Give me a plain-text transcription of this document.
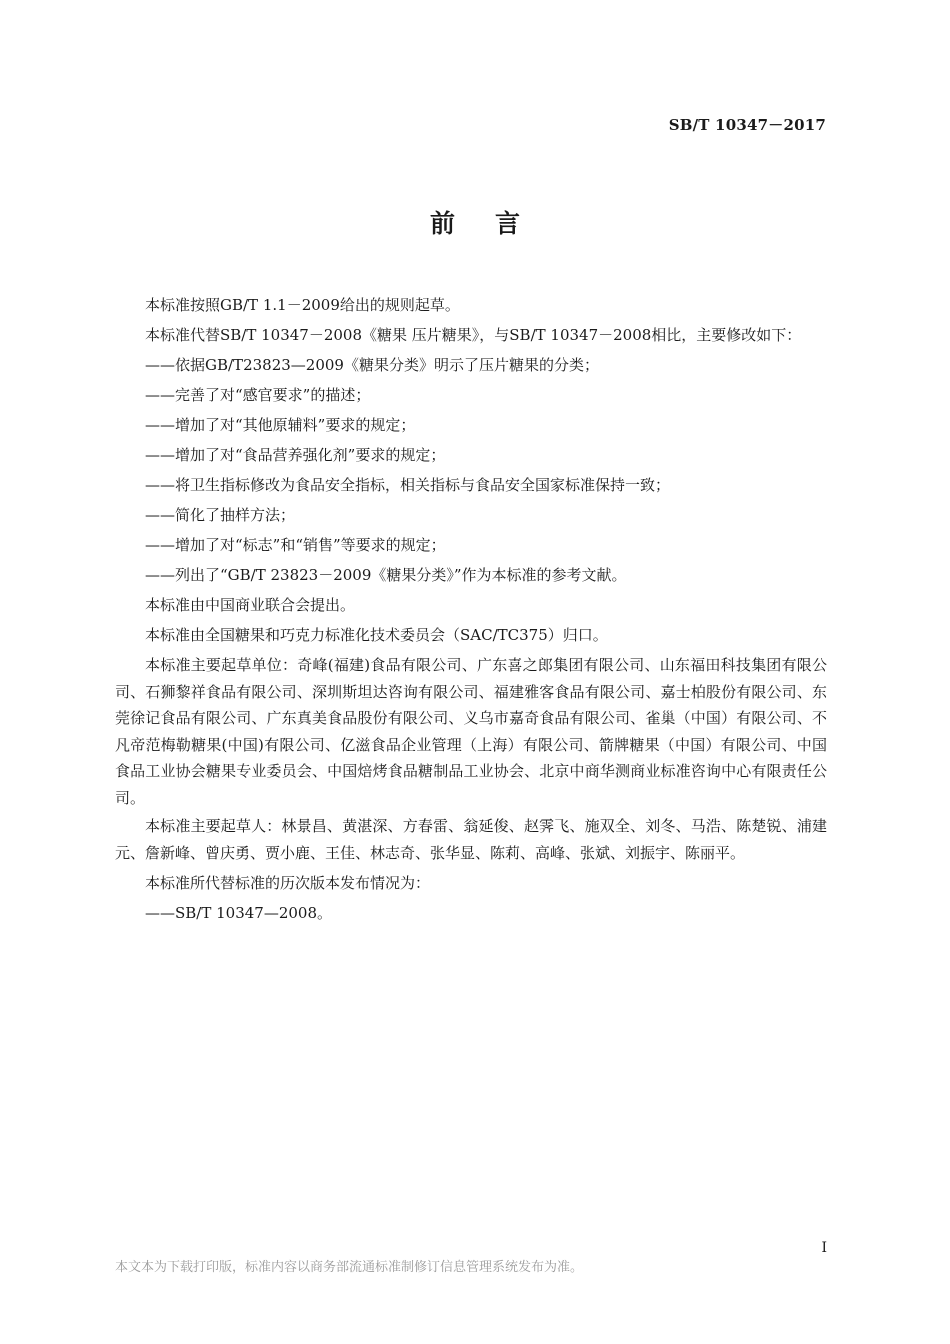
SB/T 10347－2017
前言

本标准按照GB/T 1.1－2009给出的规则起草。

本标准代替SB/T 10347－2008《糖果 压片糖果》，与SB/T 10347－2008相比，主要修改如下：

——依据GB/T23823—2009《糖果分类》明示了压片糖果的分类；

——完善了对“感官要求”的描述；

——增加了对“其他原辅料”要求的规定；

——增加了对“食品营养强化剂”要求的规定；

——将卫生指标修改为食品安全指标，相关指标与食品安全国家标准保持一致；

——简化了抽样方法；

——增加了对“标志”和“销售”等要求的规定；

——列出了“GB/T 23823－2009《糖果分类》”作为本标准的参考文献。

本标准由中国商业联合会提出。

本标准由全国糖果和巧克力标准化技术委员会（SAC/TC375）归口。

本标准主要起草单位：奇峰(福建)食品有限公司、广东喜之郎集团有限公司、山东福田科技集团有限公司、石狮黎祥食品有限公司、深圳斯坦达咨询有限公司、福建雅客食品有限公司、嘉士柏股份有限公司、东莞徐记食品有限公司、广东真美食品股份有限公司、义乌市嘉奇食品有限公司、雀巢（中国）有限公司、不凡帝范梅勒糖果(中国)有限公司、亿滋食品企业管理（上海）有限公司、箭牌糖果（中国）有限公司、中国食品工业协会糖果专业委员会、中国焙烤食品糖制品工业协会、北京中商华测商业标准咨询中心有限责任公司。

本标准主要起草人：林景昌、黄湛深、方春雷、翁延俊、赵霁飞、施双全、刘冬、马浩、陈楚锐、浦建元、詹新峰、曾庆勇、贾小鹿、王佳、林志奇、张华显、陈莉、高峰、张斌、刘振宇、陈丽平。

本标准所代替标准的历次版本发布情况为：

——SB/T 10347—2008。

I
本文本为下载打印版，标准内容以商务部流通标准制修订信息管理系统发布为准。
